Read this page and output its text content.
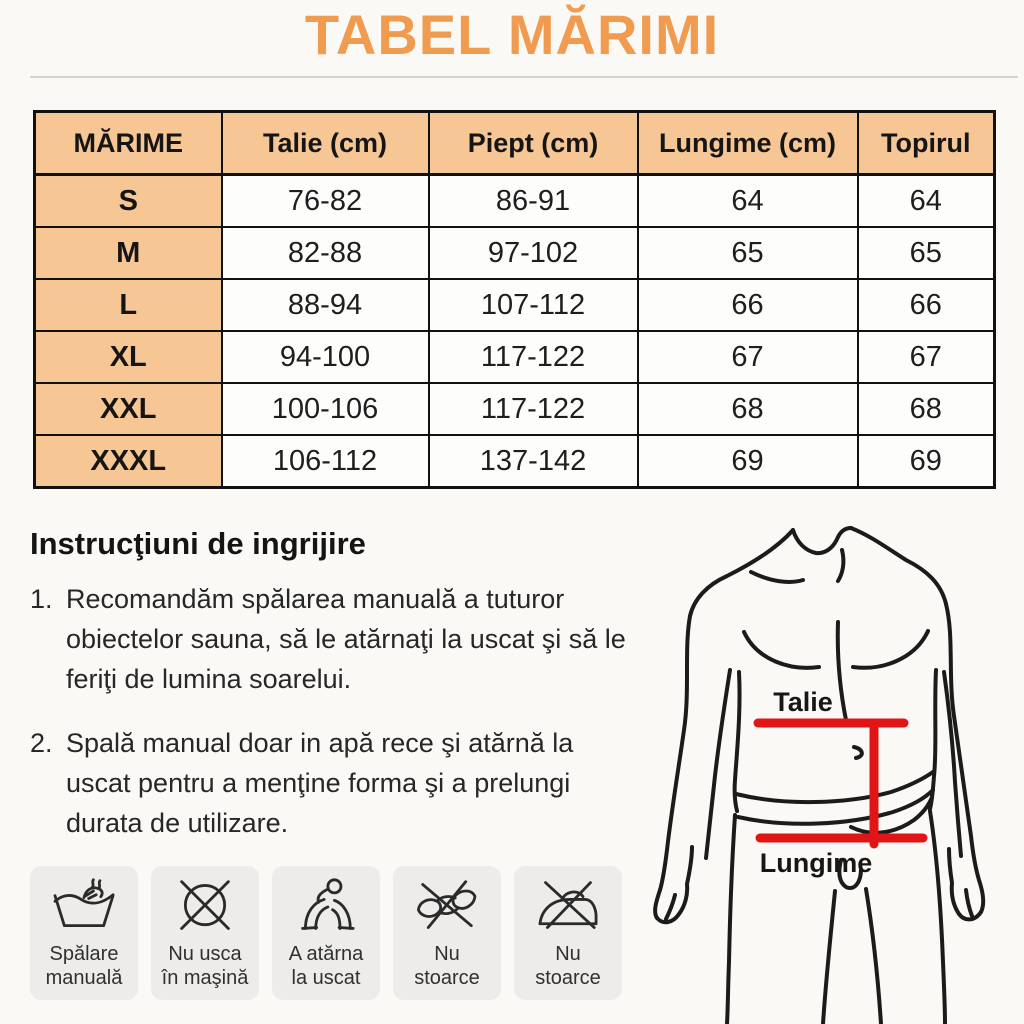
TABEL MĂRIMI
MĂRIME	Talie (cm)	Piept (cm)	Lungime (cm)	Topirul
S	76-82	86-91	64	64
M	82-88	97-102	65	65
L	88-94	107-112	66	66
XL	94-100	117-122	67	67
XXL	100-106	117-122	68	68
XXXL	106-112	137-142	69	69
Instrucţiuni de ingrijire
1. Recomandăm spălarea manuală a tuturor obiectelor sauna, să le atărnaţi la uscat şi să le feriţi de lumina soarelui.
2. Spală manual doar in apă rece şi atărnă la uscat pentru a menţine forma şi a prelungi durata de utilizare.
Spălare
manuală
Nu usca
în maşină
A atărna
la uscat
Nu
stoarce
Nu
stoarce
Talie
Lungime
